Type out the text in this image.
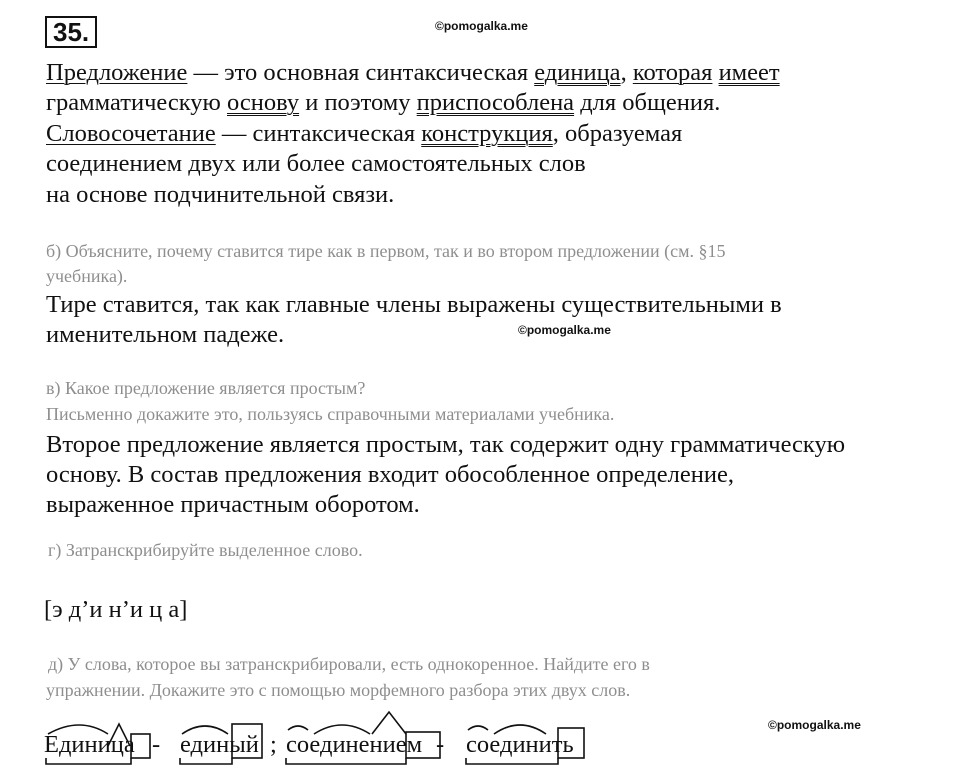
35.	©pomogalka.me
Предложение — это основная синтаксическая единица, которая имеет
грамматическую основу и поэтому приспособлена для общения.
Словосочетание — синтаксическая конструкция, образуемая
соединением двух или более самостоятельных слов
на основе подчинительной связи.
б) Объясните, почему ставится тире как в первом, так и во втором предложении (см. §15
учебника).
Тире ставится, так как главные члены выражены существительными в
именительном падеже.	©pomogalka.me
в) Какое предложение является простым?
Письменно докажите это, пользуясь справочными материалами учебника.
Второе предложение является простым, так содержит одну грамматическую
основу. В состав предложения входит обособленное определение,
выраженное причастным оборотом.
г) Затранскрибируйте выделенное слово.
[э д’и н’и ц а]
д) У слова, которое вы затранскрибировали, есть однокоренное. Найдите его в
упражнении. Докажите это с помощью морфемного разбора этих двух слов.
©pomogalka.me
Единица - единый ; соединением - соединить
